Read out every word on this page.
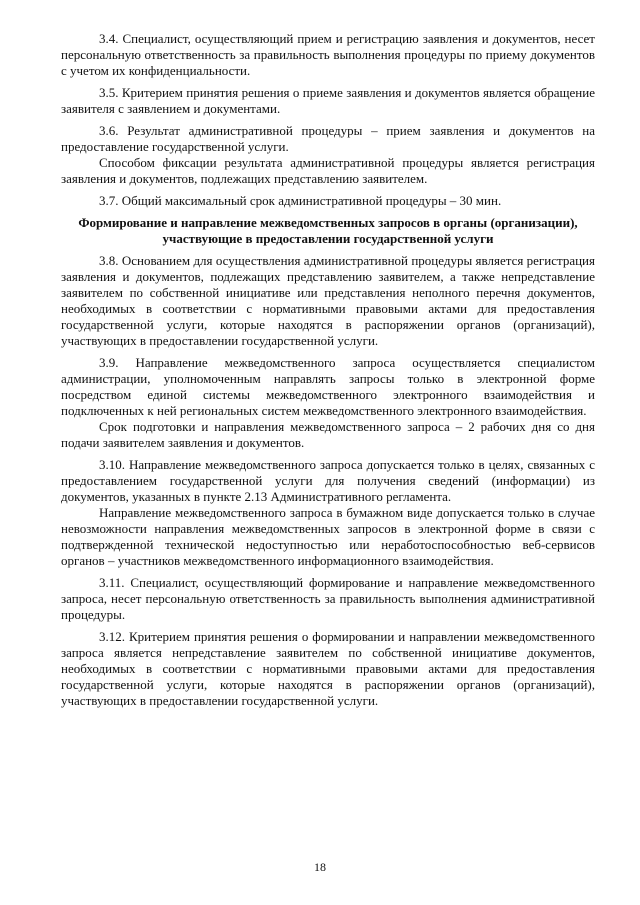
3.4. Специалист, осуществляющий прием и регистрацию заявления и документов, несет персональную ответственность за правильность выполнения процедуры по приему документов с учетом их конфиденциальности.

3.5. Критерием принятия решения о приеме заявления и документов является обращение заявителя с заявлением и документами.

3.6. Результат административной процедуры – прием заявления и документов на предоставление государственной услуги.

Способом фиксации результата административной процедуры является регистрация заявления и документов, подлежащих представлению заявителем.

3.7. Общий максимальный срок административной процедуры – 30 мин.

Формирование и направление межведомственных запросов в органы (организации), участвующие в предоставлении государственной услуги

3.8. Основанием для осуществления административной процедуры является регистрация заявления и документов, подлежащих представлению заявителем, а также непредставление заявителем по собственной инициативе или представления неполного перечня документов, необходимых в соответствии с нормативными правовыми актами для предоставления государственной услуги, которые находятся в распоряжении органов (организаций), участвующих в предоставлении государственной услуги.

3.9. Направление межведомственного запроса осуществляется специалистом администрации, уполномоченным направлять запросы только в электронной форме посредством единой системы межведомственного электронного взаимодействия и подключенных к ней региональных систем межведомственного электронного взаимодействия.

Срок подготовки и направления межведомственного запроса – 2 рабочих дня со дня подачи заявителем заявления и документов.

3.10. Направление межведомственного запроса допускается только в целях, связанных с предоставлением государственной услуги для получения сведений (информации) из документов, указанных в пункте 2.13 Административного регламента.

Направление межведомственного запроса в бумажном виде допускается только в случае невозможности направления межведомственных запросов в электронной форме в связи с подтвержденной технической недоступностью или неработоспособностью веб-сервисов органов – участников межведомственного информационного взаимодействия.

3.11. Специалист, осуществляющий формирование и направление межведомственного запроса, несет персональную ответственность за правильность выполнения административной процедуры.

3.12. Критерием принятия решения о формировании и направлении межведомственного запроса является непредставление заявителем по собственной инициативе документов, необходимых в соответствии с нормативными правовыми актами для предоставления государственной услуги, которые находятся в распоряжении органов (организаций), участвующих в предоставлении государственной услуги.

18
